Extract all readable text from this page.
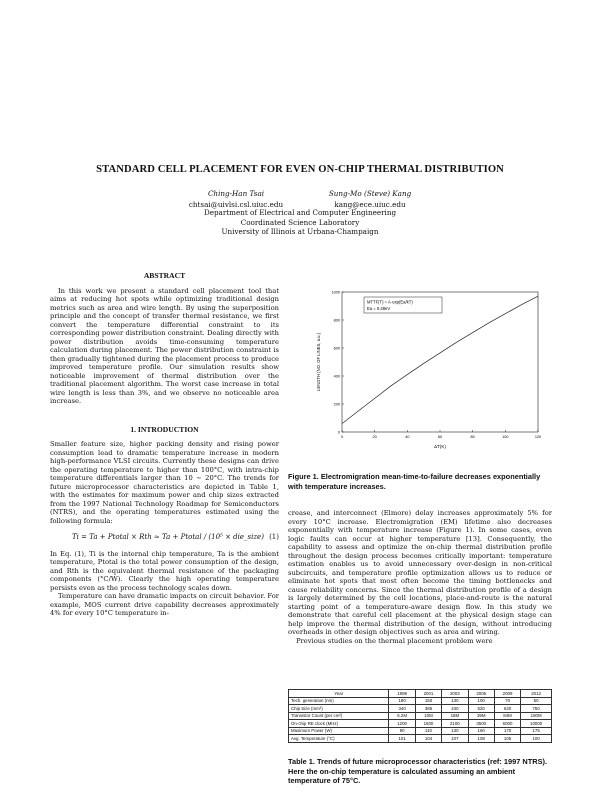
STANDARD CELL PLACEMENT FOR EVEN ON-CHIP THERMAL DISTRIBUTION
Ching-Han Tsai
chtsai@uivlsi.csl.uiuc.edu
Sung-Mo (Steve) Kang
kang@ece.uiuc.edu
Department of Electrical and Computer Engineering
Coordinated Science Laboratory
University of Illinois at Urbana-Champaign
ABSTRACT

In this work we present a standard cell placement tool that aims at reducing hot spots while optimizing traditional design metrics such as area and wire length. By using the superposition principle and the concept of transfer thermal resistance, we first convert the temperature differential constraint to its corresponding power distribution constraint. Dealing directly with power distribution avoids time-consuming temperature calculation during placement. The power distribution constraint is then gradually tightened during the placement process to produce improved temperature profile. Our simulation results show noticeable improvement of thermal distribution over the traditional placement algorithm. The worst case increase in total wire length is less than 3%, and we observe no noticeable area increase.

1. INTRODUCTION

Smaller feature size, higher packing density and rising power consumption lead to dramatic temperature increase in modern high-performance VLSI circuits. Currently these designs can drive the operating temperature to higher than 100°C, with intra-chip temperature differentials larger than 10 ∼ 20°C. The trends for future microprocessor characteristics are depicted in Table 1, with the estimates for maximum power and chip sizes extracted from the 1997 National Technology Roadmap for Semiconductors (NTRS), and the operating temperatures estimated using the following formula:

Ti = Ta + Ptotal × Rth ≃ Ta + Ptotal / (10⁵ × die_size) (1)

In Eq. (1), Ti is the internal chip temperature, Ta is the ambient temperature, Ptotal is the total power consumption of the design, and Rth is the equivalent thermal resistance of the packaging components (°C/W). Clearly the high operating temperature persists even as the process technology scales down.

Temperature can have dramatic impacts on circuit behavior. For example, MOS current drive capability decreases approximately 4% for every 10°C temperature in-

0	20	40	60	80	100	120
0
200
400
600
800
1000
MTTF(T) = A·exp(Ea/kT)
Ea = 0.48eV
ΔT(K)
LENGTH (NO. OF LINES, a.u.)
Figure 1. Electromigration mean-time-to-failure decreases exponentially with temperature increases.

crease, and interconnect (Elmore) delay increases approximately 5% for every 10°C increase. Electromigration (EM) lifetime also decreases exponentially with temperature increase (Figure 1). In some cases, even logic faults can occur at higher temperature [13]. Consequently, the capability to assess and optimize the on-chip thermal distribution profile throughout the design process becomes critically important: temperature estimation enables us to avoid unnecessary over-design in non-critical subcircuits, and temperature profile optimization allows us to reduce or eliminate hot spots that most often become the timing bottlenecks and cause reliability concerns. Since the thermal distribution profile of a design is largely determined by the cell locations, place-and-route is the natural starting point of a temperature-aware design flow. In this study we demonstrate that careful cell placement at the physical design stage can help improve the thermal distribution of the design, without introducing overheads in other design objectives such as area and wiring.

Previous studies on the thermal placement problem were

Year	1999	2001	2003	2006	2009	2012
Tech. generation (nm)	180	150	130	100	70	50
Chip Size (mm²)	340	385	430	520	620	750
Transistor Count (per cm²)	6.2M	10M	18M	39M	84M	180M
On-chip RE clock (MHz)	1200	1600	2100	3500	6000	10000
Maximum Power (W)	90	110	130	160	170	175
Avg. Temperature (°C)	101	104	107	108	105	100
Table 1. Trends of future microprocessor characteristics (ref: 1997 NTRS). Here the on-chip temperature is calculated assuming an ambient temperature of 75°C.
